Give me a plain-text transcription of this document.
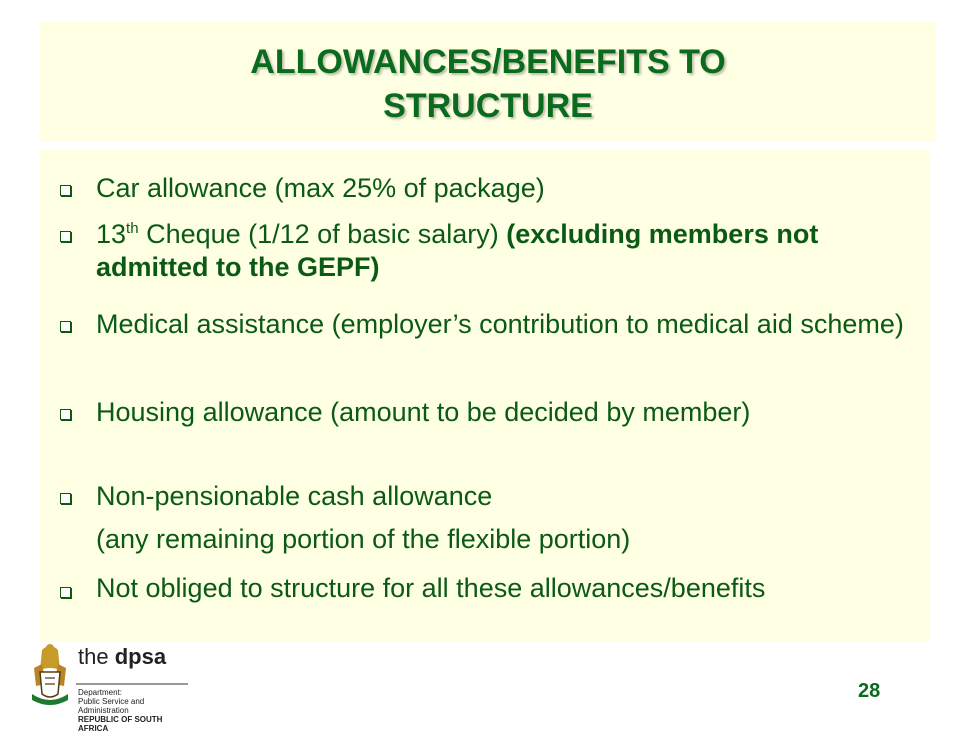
ALLOWANCES/BENEFITS TO
STRUCTURE
Car allowance (max 25% of package)
13th Cheque (1/12 of basic salary) (excluding members not admitted to the GEPF)
Medical assistance (employer’s contribution to medical aid scheme)
Housing allowance (amount to be decided by member)
Non-pensionable cash allowance
(any remaining portion of the flexible portion)
Not obliged to structure for all these allowances/benefits
the dpsa
Department:
Public Service and Administration
REPUBLIC OF SOUTH AFRICA
28
